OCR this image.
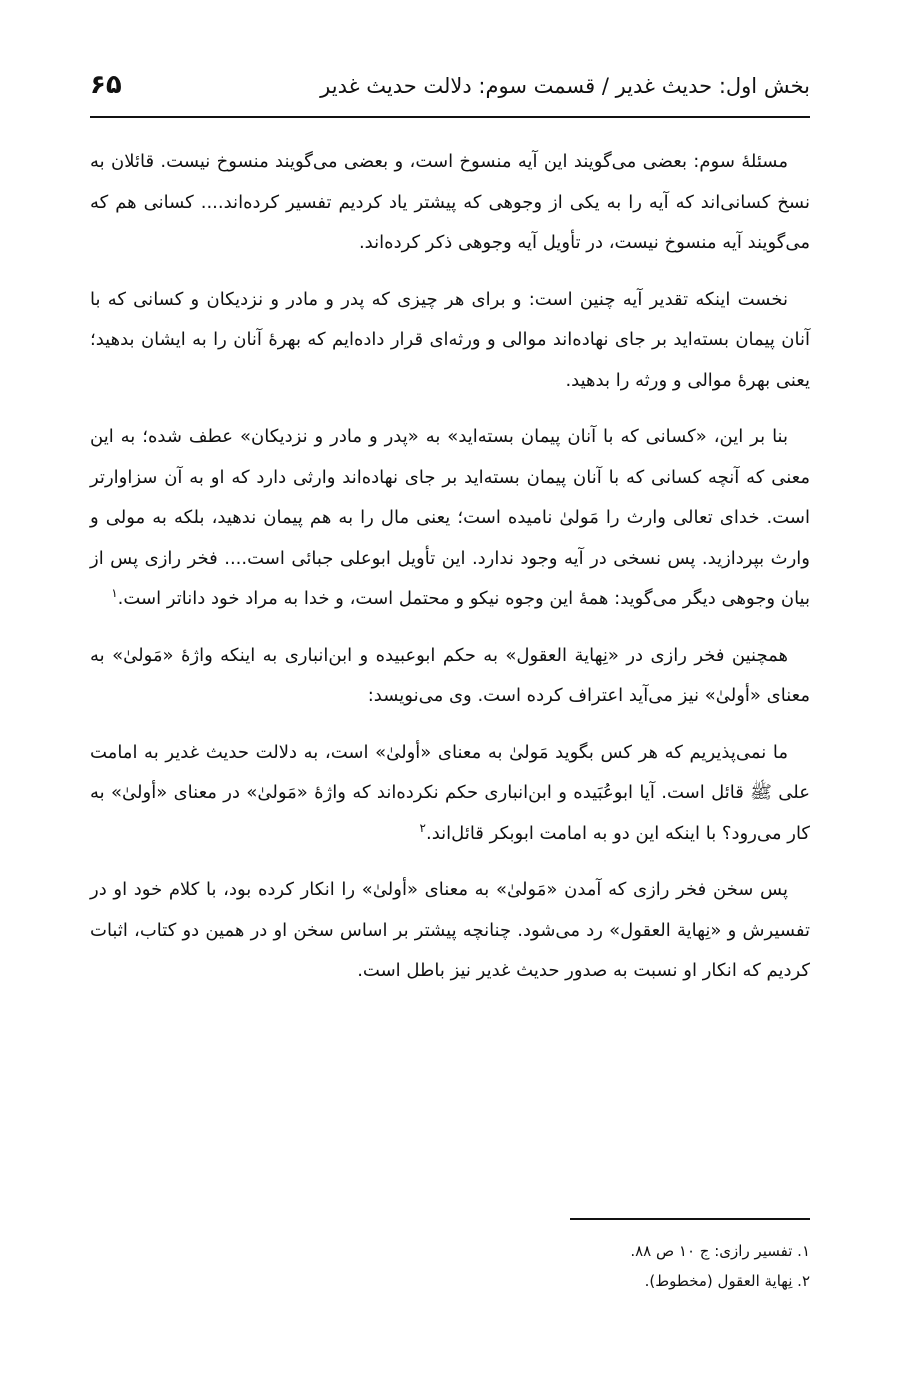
بخش اول: حدیث غدیر / قسمت سوم: دلالت حدیث غدیر
۶۵

مسئلهٔ سوم: بعضی می‌گویند این آیه منسوخ است، و بعضی می‌گویند منسوخ نیست. قائلان به نسخ کسانی‌اند که آیه را به یکی از وجوهی که پیشتر یاد کردیم تفسیر کرده‌اند.... کسانی هم که می‌گویند آیه منسوخ نیست، در تأویل آیه وجوهی ذکر کرده‌اند.

نخست اینکه تقدیر آیه چنین است: و برای هر چیزی که پدر و مادر و نزدیکان و کسانی که با آنان پیمان بسته‌اید بر جای نهاده‌اند موالی و ورثه‌ای قرار داده‌ایم که بهرهٔ آنان را به ایشان بدهید؛ یعنی بهرهٔ موالی و ورثه را بدهید.

بنا بر این، «کسانی که با آنان پیمان بسته‌اید» به «پدر و مادر و نزدیکان» عطف شده؛ به این معنی که آنچه کسانی که با آنان پیمان بسته‌اید بر جای نهاده‌اند وارثی دارد که او به آن سزاوارتر است. خدای تعالی وارث را مَولیٰ نامیده است؛ یعنی مال را به هم پیمان ندهید، بلکه به مولی و وارث بپردازید. پس نسخی در آیه وجود ندارد. این تأویل ابوعلی جبائی است.... فخر رازی پس از بیان وجوهی دیگر می‌گوید: همهٔ این وجوه نیکو و محتمل است، و خدا به مراد خود داناتر است.$^۱$

همچنین فخر رازی در «نِهایة العقول» به حکم ابوعبیده و ابن‌انباری به اینکه واژهٔ «مَولیٰ» به معنای «أولیٰ» نیز می‌آید اعتراف کرده است. وی می‌نویسد:

ما نمی‌پذیریم که هر کس بگوید مَولیٰ به معنای «أولیٰ» است، به دلالت حدیث غدیر به امامت علی ﷺ قائل است. آیا ابوعُبَیده و ابن‌انباری حکم نکرده‌اند که واژهٔ «مَولیٰ» در معنای «أولیٰ» به کار می‌رود؟ با اینکه این دو به امامت ابوبکر قائل‌اند.$^۲$

پس سخن فخر رازی که آمدن «مَولیٰ» به معنای «أولیٰ» را انکار کرده بود، با کلام خود او در تفسیرش و «نِهایة العقول» رد می‌شود. چنانچه پیشتر بر اساس سخن او در همین دو کتاب، اثبات کردیم که انکار او نسبت به صدور حدیث غدیر نیز باطل است.

۱. تفسیر رازی: ج ۱۰ ص ۸۸.
۲. نِهایة العقول (مخطوط).
